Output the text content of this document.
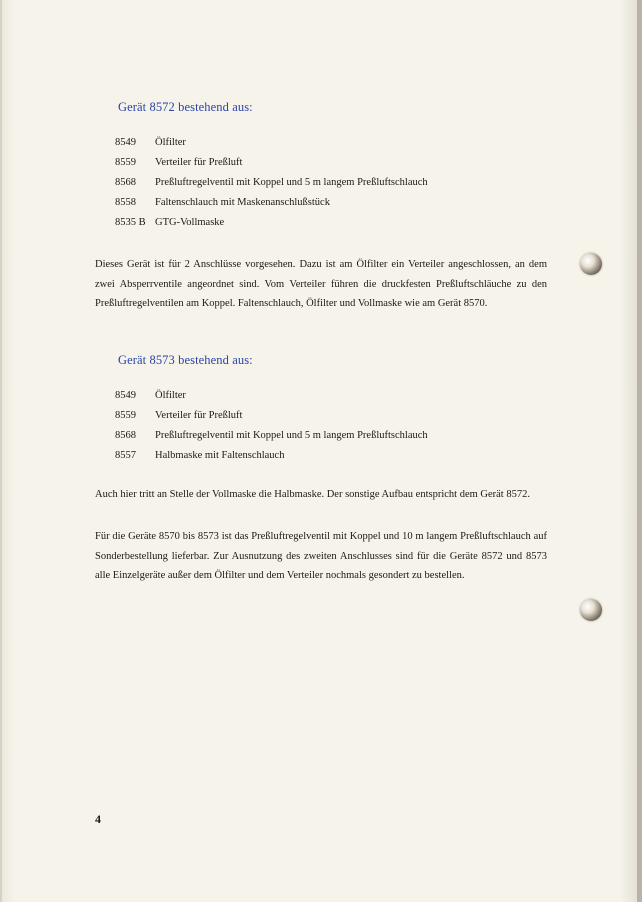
Gerät 8572 bestehend aus:
8549	Ölfilter
8559	Verteiler für Preßluft
8568	Preßluftregelventil mit Koppel und 5 m langem Preßluftschlauch
8558	Faltenschlauch mit Maskenanschlußstück
8535 B GTG-Vollmaske

Dieses Gerät ist für 2 Anschlüsse vorgesehen. Dazu ist am Ölfilter ein Verteiler angeschlossen, an dem zwei Absperrventile angeordnet sind. Vom Verteiler führen die druckfesten Preßluftschläuche zu den Preßluftregelventilen am Koppel. Faltenschlauch, Ölfilter und Vollmaske wie am Gerät 8570.

Gerät 8573 bestehend aus:
8549	Ölfilter
8559	Verteiler für Preßluft
8568	Preßluftregelventil mit Koppel und 5 m langem Preßluftschlauch
8557	Halbmaske mit Faltenschlauch

Auch hier tritt an Stelle der Vollmaske die Halbmaske. Der sonstige Aufbau entspricht dem Gerät 8572.

Für die Geräte 8570 bis 8573 ist das Preßluftregelventil mit Koppel und 10 m langem Preßluftschlauch auf Sonderbestellung lieferbar. Zur Ausnutzung des zweiten Anschlusses sind für die Geräte 8572 und 8573 alle Einzelgeräte außer dem Ölfilter und dem Verteiler nochmals gesondert zu bestellen.

4
